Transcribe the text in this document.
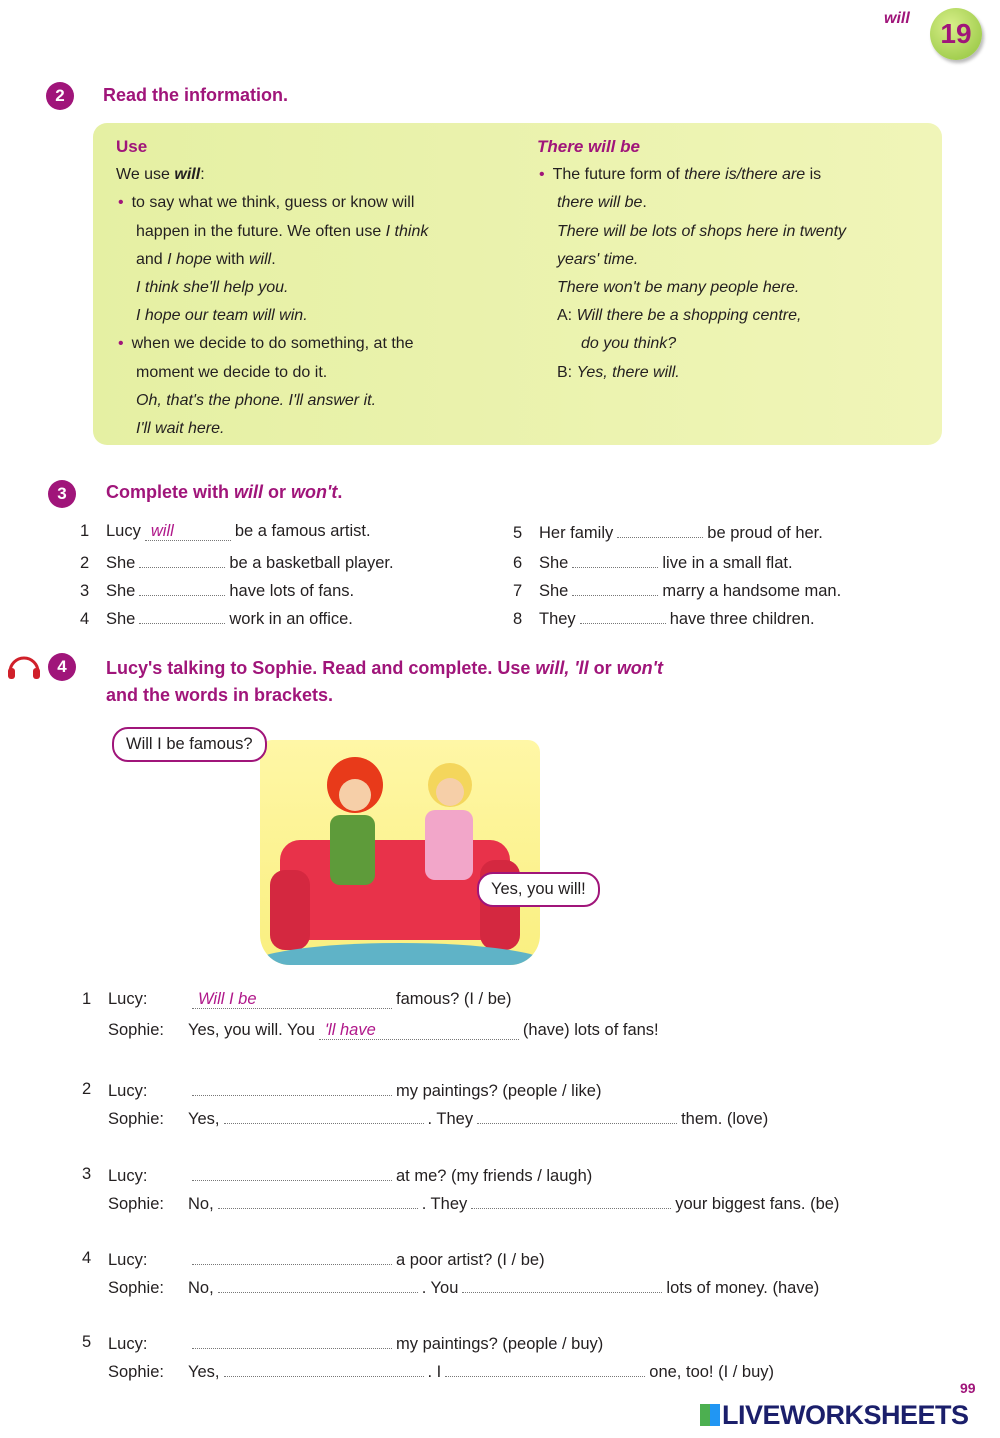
will	19
2	Read the information.
Use
We use will:
• to say what we think, guess or know will
happen in the future. We often use I think
and I hope with will.
I think she'll help you.
I hope our team will win.
• when we decide to do something, at the
moment we decide to do it.
Oh, that's the phone. I'll answer it.
I'll wait here.
There will be
• The future form of there is/there are is
there will be.
There will be lots of shops here in twenty
years' time.
There won't be many people here.
A: Will there be a shopping centre,
do you think?
B: Yes, there will.
3	Complete with will or won't.
1 Lucy will	be a famous artist.
2 She	be a basketball player.
3 She	have lots of fans.
4 She	work in an office.
5 Her family	be proud of her.
6 She	live in a small flat.
7 She	marry a handsome man.
8 They	have three children.
4	Lucy's talking to Sophie. Read and complete. Use will, 'll or won't
and the words in brackets.
Will I be famous?
Yes, you will!
1 Lucy:	Will I be	famous? (I / be)
Sophie: Yes, you will. You 'll have	(have) lots of fans!
2 Lucy:	my paintings? (people / like)
Sophie: Yes,	. They	them. (love)
3 Lucy:	at me? (my friends / laugh)
Sophie: No,	. They	your biggest fans. (be)
4 Lucy:	a poor artist? (I / be)
Sophie: No,	. You	lots of money. (have)
5 Lucy:	my paintings? (people / buy)
Sophie: Yes,	. I	one, too! (I / buy)
LIVEWORKSHEETS
99
